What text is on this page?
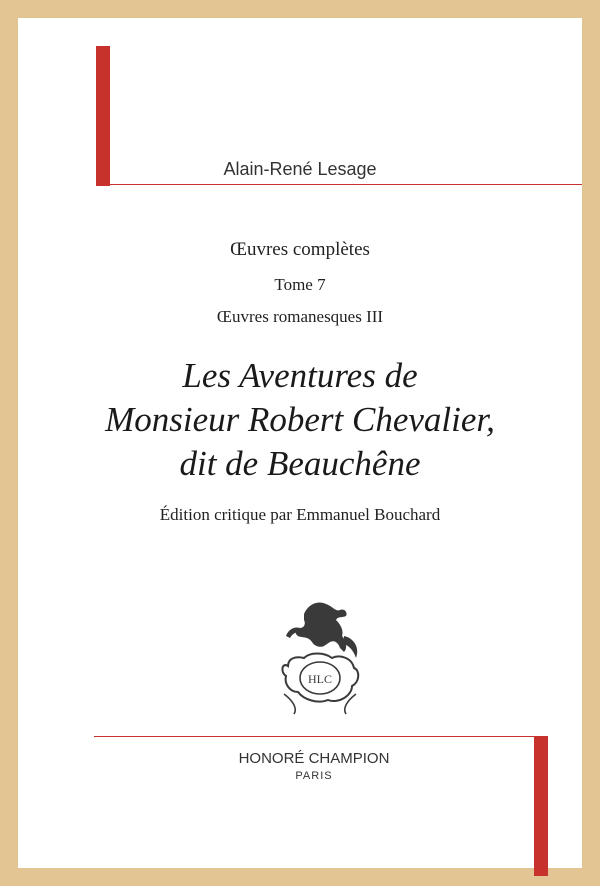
Alain-René Lesage
Œuvres complètes
Tome 7
Œuvres romanesques III
Les Aventures de
Monsieur Robert Chevalier,
dit de Beauchêne
Édition critique par Emmanuel Bouchard
HLC
HONORÉ CHAMPION
PARIS
